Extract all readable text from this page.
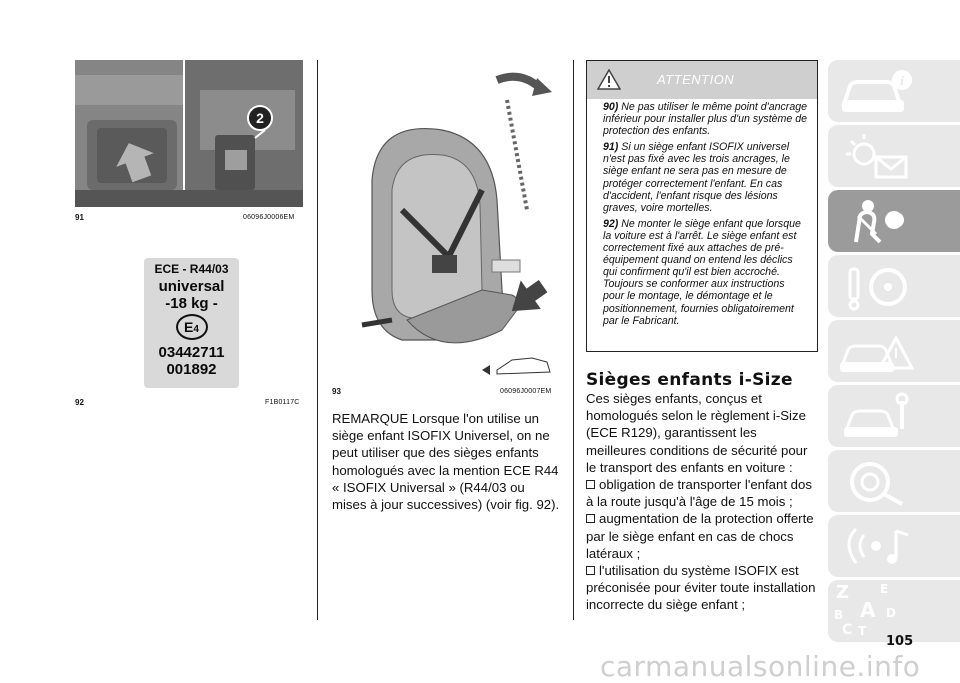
2
91	06096J0006EM
ECE - R44/03
universal
-18 kg -
E4
03442711
001892
92	F1B0117C
93	06096J0007EM
REMARQUE Lorsque l'on utilise un siège enfant ISOFIX Universel, on ne peut utiliser que des sièges enfants homologués avec la mention ECE R44 « ISOFIX Universal » (R44/03 ou mises à jour successives) (voir fig. 92).
ATTENTION
90) Ne pas utiliser le même point d'ancrage inférieur pour installer plus d'un système de protection des enfants.
91) Si un siège enfant ISOFIX universel n'est pas fixé avec les trois ancrages, le siège enfant ne sera pas en mesure de protéger correctement l'enfant. En cas d'accident, l'enfant risque des lésions graves, voire mortelles.
92) Ne monter le siège enfant que lorsque la voiture est à l'arrêt. Le siège enfant est correctement fixé aux attaches de pré-équipement quand on entend les déclics qui confirment qu'il est bien accroché. Toujours se conformer aux instructions pour le montage, le démontage et le positionnement, fournies obligatoirement par le Fabricant.
Sièges enfants i-Size
Ces sièges enfants, conçus et homologués selon le règlement i-Size (ECE R129), garantissent les meilleures conditions de sécurité pour le transport des enfants en voiture :
obligation de transporter l'enfant dos à la route jusqu'à l'âge de 15 mois ;
augmentation de la protection offerte par le siège enfant en cas de chocs latéraux ;
l'utilisation du système ISOFIX est préconisée pour éviter toute installation incorrecte du siège enfant ;
i
Z	E
A
B
C
D
T
105
carmanualsonline.info
